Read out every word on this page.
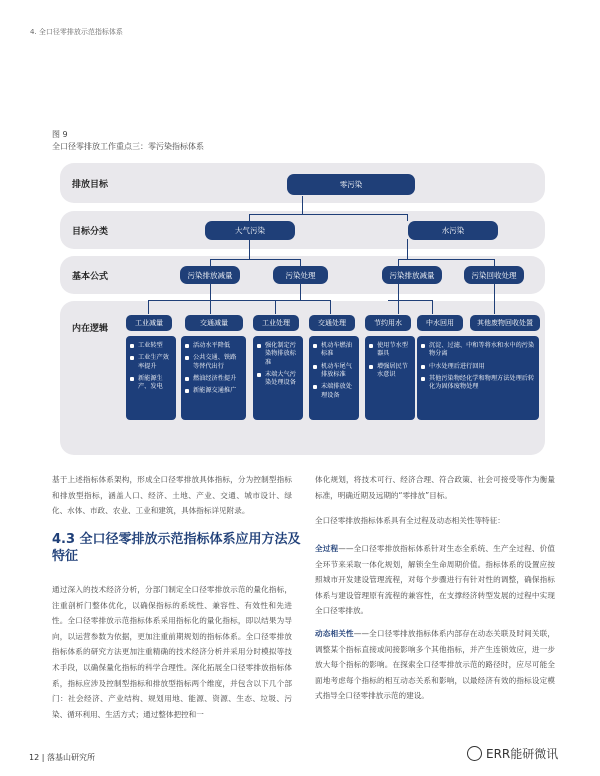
4. 全口径零排放示范指标体系
图 9
全口径零排放工作重点三：零污染指标体系
排放目标
目标分类
基本公式
内在逻辑
零污染
大气污染	水污染
污染排放减量	污染处理	污染排放减量	污染回收处理
工业减量	交通减量	工业处理	交通处理	节约用水	中水回用	其他废物回收处置
工业转型
工业生产效率提升
新能源生产、发电
活动水平降低
公共交通、铁路等替代出行
燃油经济性提升
新能源交通推广
强化制定污染物排放标准
末端大气污染处理设备
机动车燃油标准
机动车尾气排放标准
末端排放处理设备
使用节水型器具
增强居民节水意识
沉淀、过滤、中和等将水和水中的污染物分离
中水处理后进行回用
其他污染物经化学和物理方法处理后转化为固体废物处理
基于上述指标体系架构，形成全口径零排放具体指标，分为控制型指标和排放型指标，涵盖人口、经济、土地、产业、交通、城市设计、绿化、水体、市政、农业、工业和建筑，具体指标详见附录。
4.3 全口径零排放示范指标体系应用方法及特征
通过深入的技术经济分析，分部门制定全口径零排放示范的量化指标，注重剖析门整体优化，以确保指标的系统性、兼容性、有效性和先进性。全口径零排放示范指标体系采用指标化的量化指标，即以结果为导向，以运营参数为依据，更加注重前期规划的指标体系。全口径零排放指标体系的研究方法更加注重精确的技术经济分析并采用分时模拟等技术手段，以确保量化指标的科学合理性。深化拓展全口径零排放指标体系，指标应涉及控制型指标和排放型指标两个维度，并包含以下几个部门：社会经济、产业结构、规划用地、能源、资源、生态、垃圾、污染、循环利用、生活方式；通过整体把控和一
体化规划，将技术可行、经济合理、符合政策、社会可接受等作为衡量标准，明确近期及远期的“零排放”目标。
全口径零排放指标体系具有全过程及动态相关性等特征：
全过程——全口径零排放指标体系针对生态全系统、生产全过程、价值全环节来采取一体化规划，解锁全生命周期价值。指标体系的设置应按照城市开发建设管理流程，对每个步骤进行有针对性的调整，确保指标体系与建设管理原有流程的兼容性，在支撑经济转型发展的过程中实现全口径零排放。
动态相关性——全口径零排放指标体系内部存在动态关联及时间关联，调整某个指标直接或间接影响多个其他指标，并产生连锁效应，进一步放大每个指标的影响。在探索全口径零排放示范的路径时，应尽可能全面地考虑每个指标的相互动态关系和影响，以最经济有效的指标设定模式指导全口径零排放示范的建设。
12 | 落基山研究所	ERR能研微讯
